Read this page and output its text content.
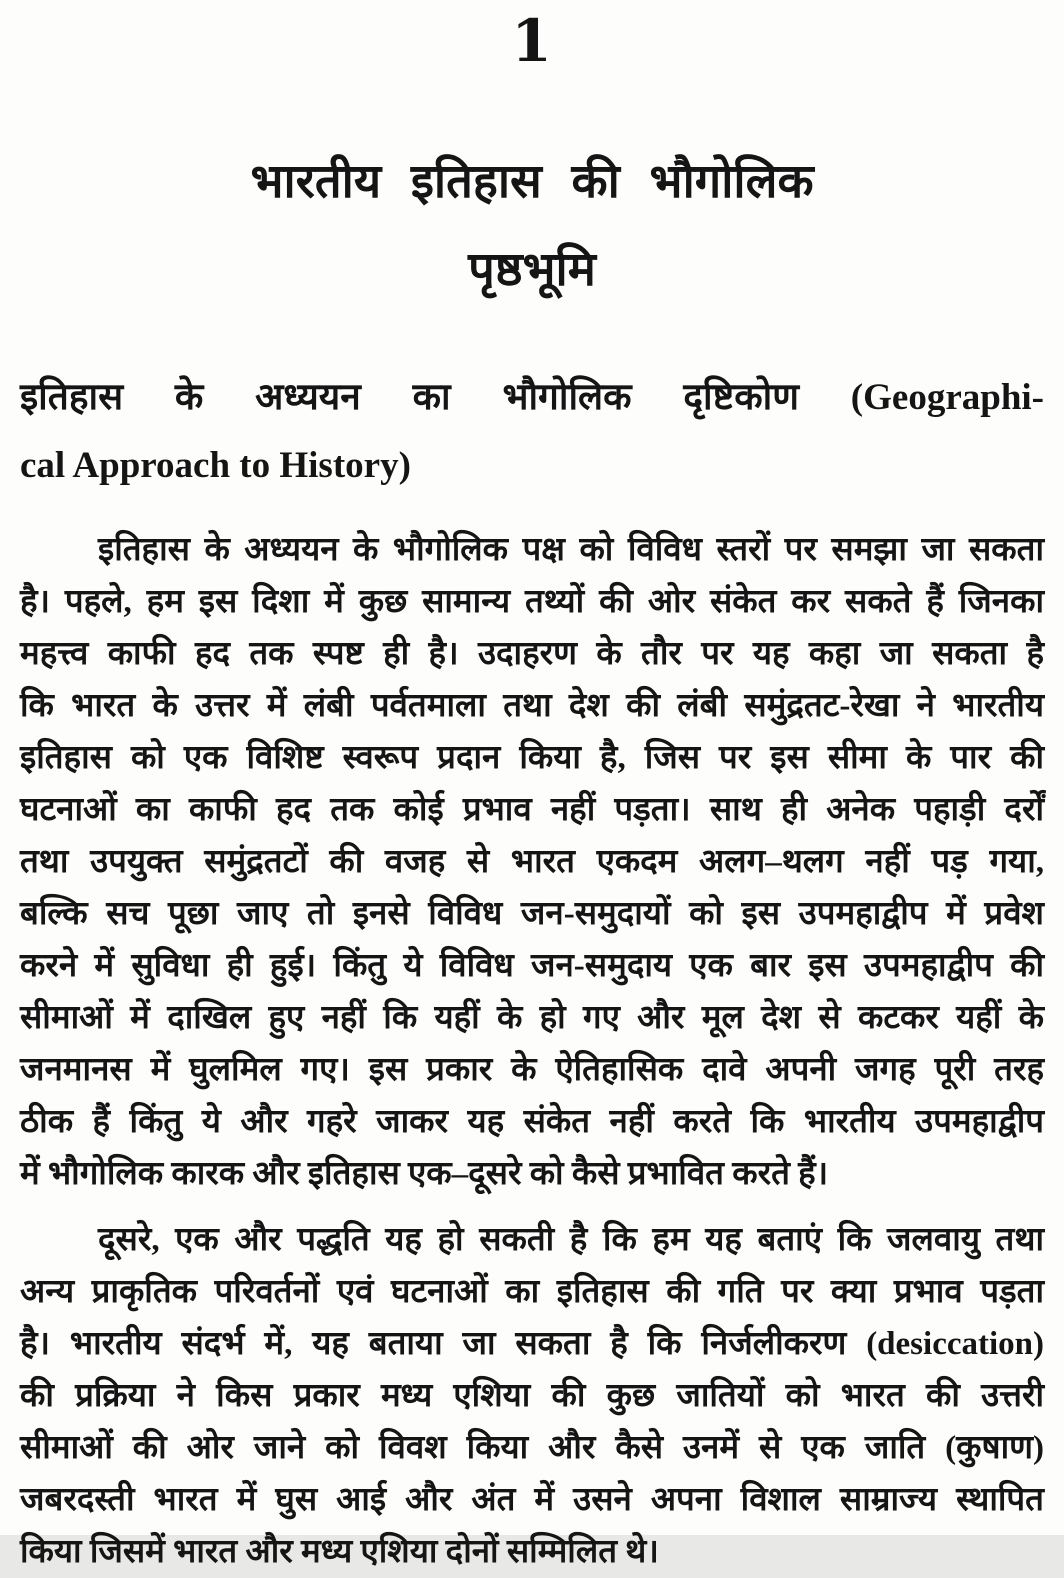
1
भारतीय इतिहास की भौगोलिक
पृष्ठभूमि
इतिहास के अध्ययन का भौगोलिक दृष्टिकोण (Geographi-
cal Approach to History)
इतिहास के अध्ययन के भौगोलिक पक्ष को विविध स्तरों पर समझा जा सकता
है। पहले, हम इस दिशा में कुछ सामान्य तथ्यों की ओर संकेत कर सकते हैं जिनका
महत्त्व काफी हद तक स्पष्ट ही है। उदाहरण के तौर पर यह कहा जा सकता है
कि भारत के उत्तर में लंबी पर्वतमाला तथा देश की लंबी समुंद्रतट-रेखा ने भारतीय
इतिहास को एक विशिष्ट स्वरूप प्रदान किया है, जिस पर इस सीमा के पार की
घटनाओं का काफी हद तक कोई प्रभाव नहीं पड़ता। साथ ही अनेक पहाड़ी दर्रों
तथा उपयुक्त समुंद्रतटों की वजह से भारत एकदम अलग–थलग नहीं पड़ गया,
बल्कि सच पूछा जाए तो इनसे विविध जन-समुदायों को इस उपमहाद्वीप में प्रवेश
करने में सुविधा ही हुई। किंतु ये विविध जन-समुदाय एक बार इस उपमहाद्वीप की
सीमाओं में दाखिल हुए नहीं कि यहीं के हो गए और मूल देश से कटकर यहीं के
जनमानस में घुलमिल गए। इस प्रकार के ऐतिहासिक दावे अपनी जगह पूरी तरह
ठीक हैं किंतु ये और गहरे जाकर यह संकेत नहीं करते कि भारतीय उपमहाद्वीप
में भौगोलिक कारक और इतिहास एक–दूसरे को कैसे प्रभावित करते हैं।
दूसरे, एक और पद्धति यह हो सकती है कि हम यह बताएं कि जलवायु तथा
अन्य प्राकृतिक परिवर्तनों एवं घटनाओं का इतिहास की गति पर क्या प्रभाव पड़ता
है। भारतीय संदर्भ में, यह बताया जा सकता है कि निर्जलीकरण (desiccation)
की प्रक्रिया ने किस प्रकार मध्य एशिया की कुछ जातियों को भारत की उत्तरी
सीमाओं की ओर जाने को विवश किया और कैसे उनमें से एक जाति (कुषाण)
जबरदस्ती भारत में घुस आई और अंत में उसने अपना विशाल साम्राज्य स्थापित
किया जिसमें भारत और मध्य एशिया दोनों सम्मिलित थे।
